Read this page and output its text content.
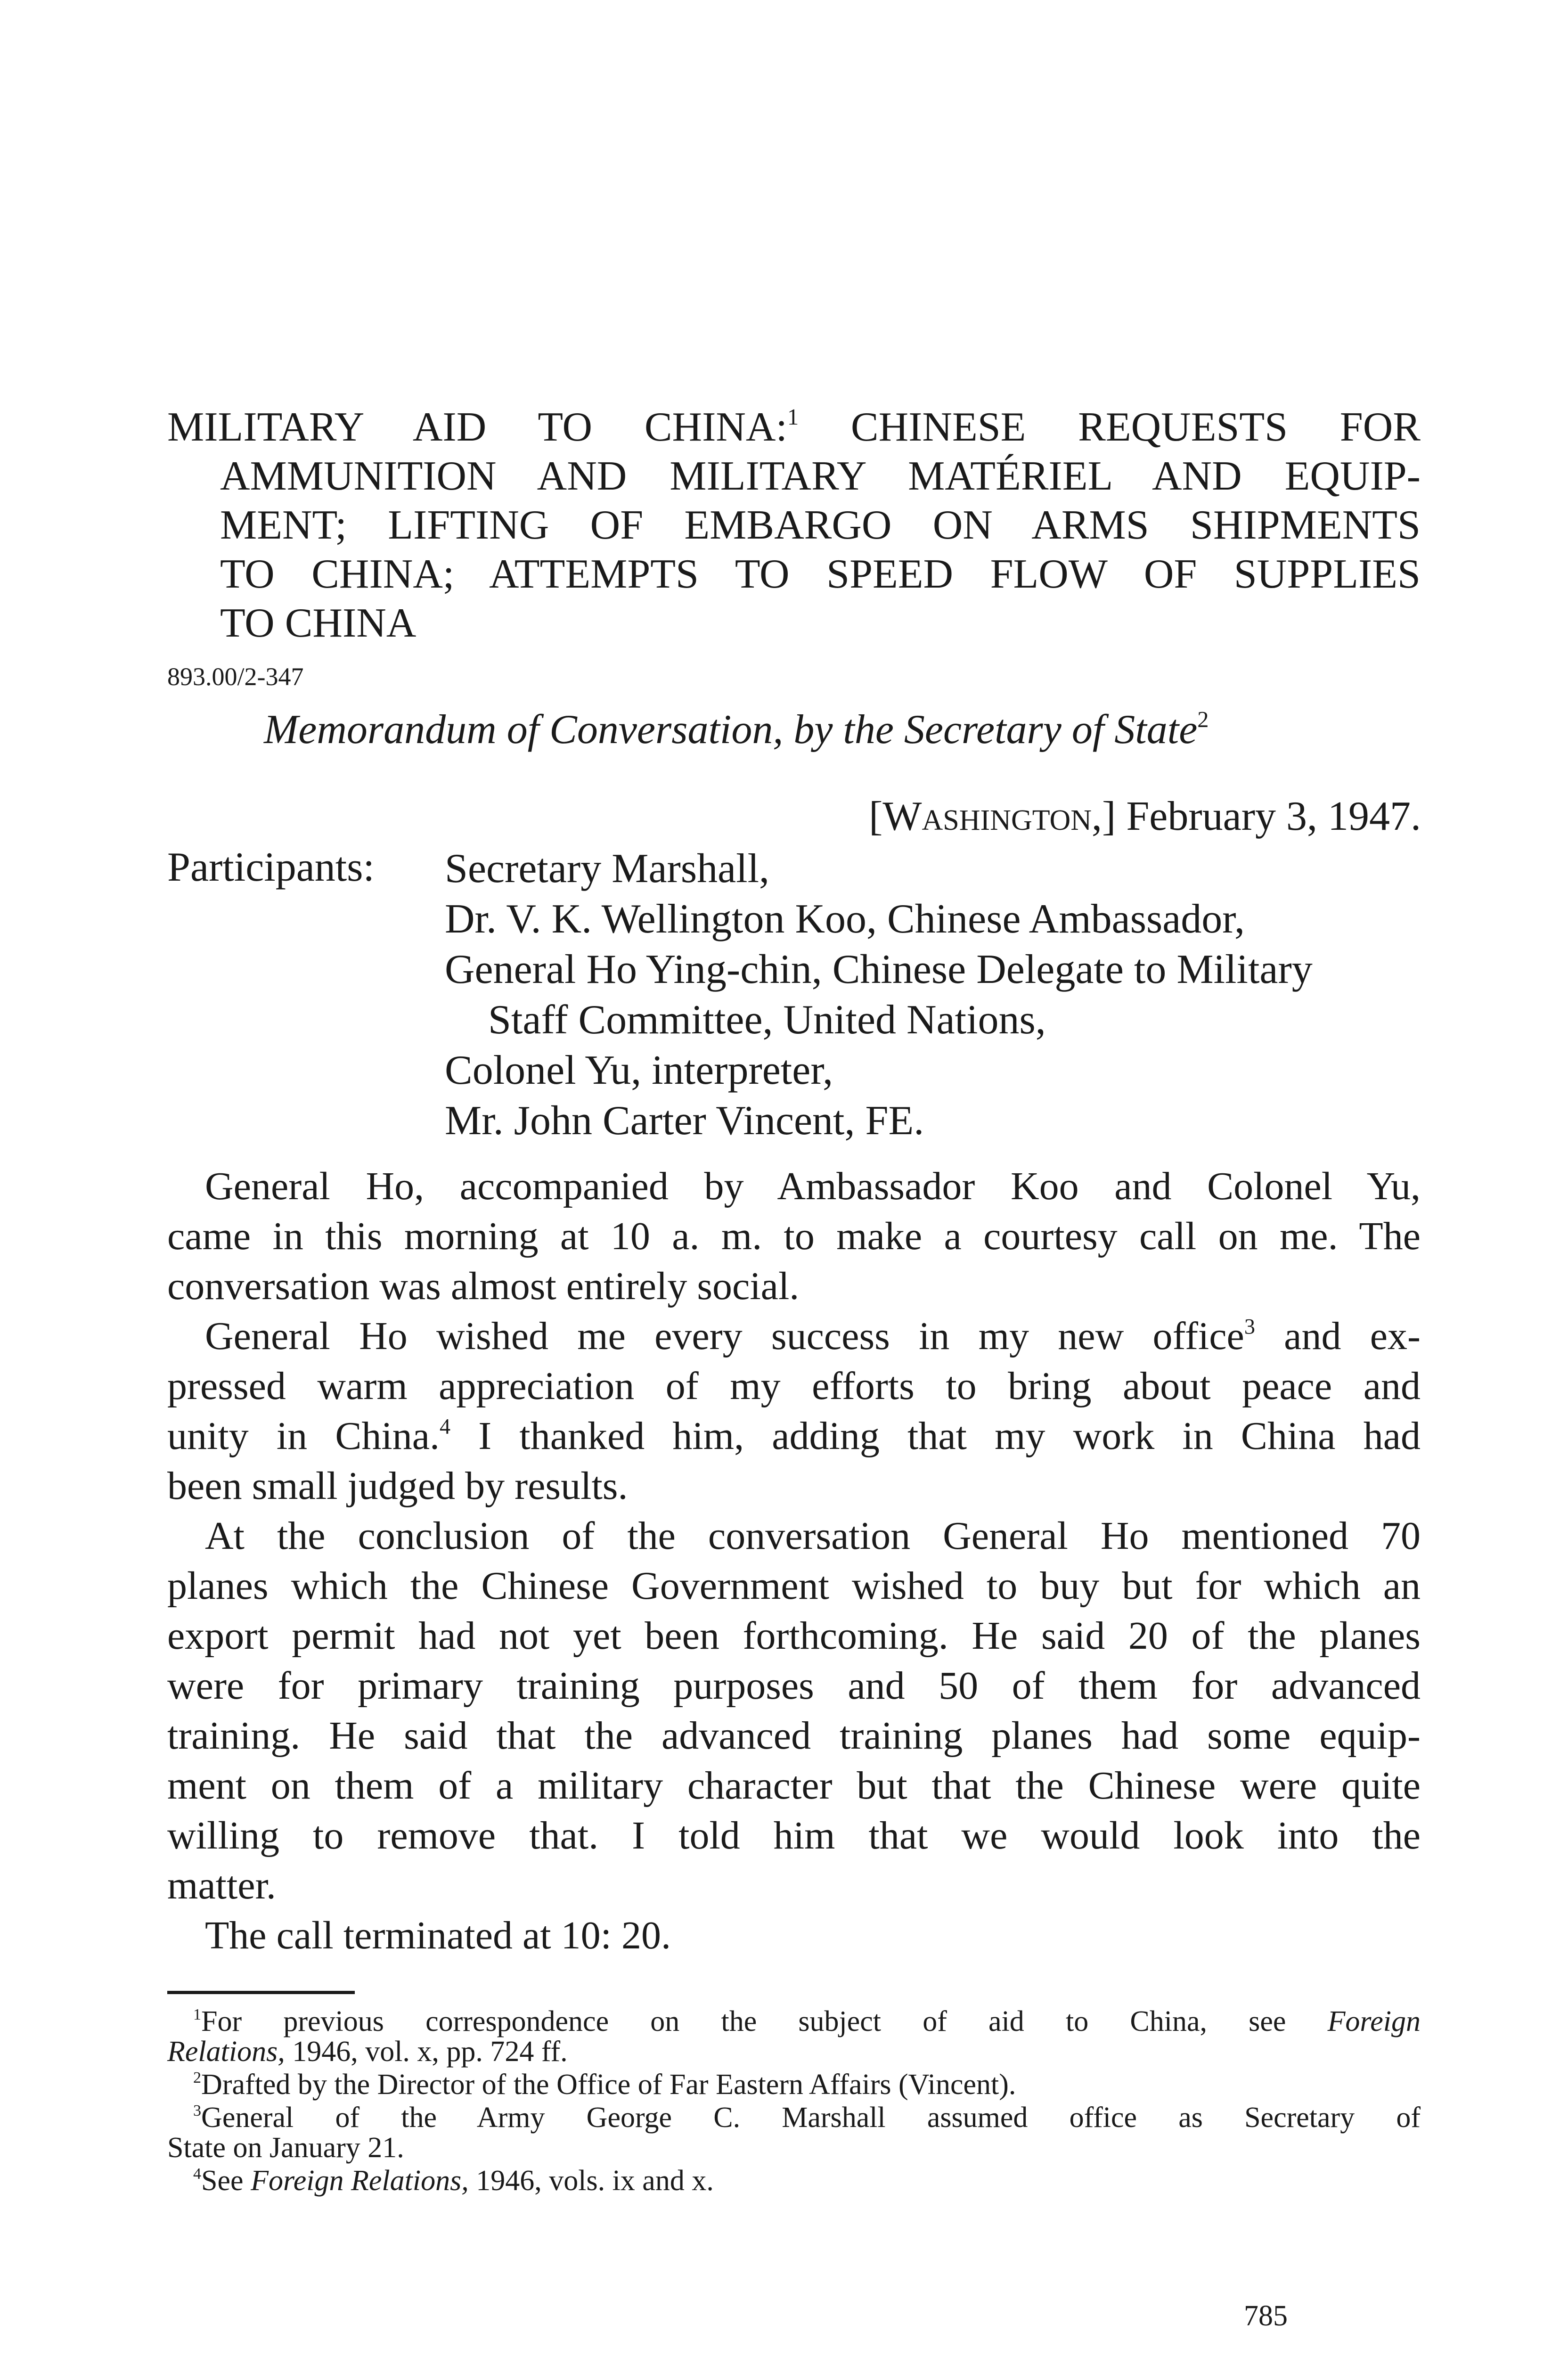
MILITARY AID TO CHINA:$^1$ CHINESE REQUESTS FOR
AMMUNITION AND MILITARY MATÉRIEL AND EQUIP-
MENT; LIFTING OF EMBARGO ON ARMS SHIPMENTS
TO CHINA; ATTEMPTS TO SPEED FLOW OF SUPPLIES
TO CHINA
893.00/2-347
Memorandum of Conversation, by the Secretary of State$^2$
[Washington,] February 3, 1947.
Participants: Secretary Marshall,
Dr. V. K. Wellington Koo, Chinese Ambassador,
General Ho Ying-chin, Chinese Delegate to Military
Staff Committee, United Nations,
Colonel Yu, interpreter,
Mr. John Carter Vincent, FE.
General Ho, accompanied by Ambassador Koo and Colonel Yu,
came in this morning at 10 a. m. to make a courtesy call on me. The
conversation was almost entirely social.
General Ho wished me every success in my new office$^3$ and ex-
pressed warm appreciation of my efforts to bring about peace and
unity in China.$^4$ I thanked him, adding that my work in China had
been small judged by results.
At the conclusion of the conversation General Ho mentioned 70
planes which the Chinese Government wished to buy but for which an
export permit had not yet been forthcoming. He said 20 of the planes
were for primary training purposes and 50 of them for advanced
training. He said that the advanced training planes had some equip-
ment on them of a military character but that the Chinese were quite
willing to remove that. I told him that we would look into the
matter.
The call terminated at 10: 20.
$^1$For previous correspondence on the subject of aid to China, see Foreign
Relations, 1946, vol. x, pp. 724 ff.
$^2$Drafted by the Director of the Office of Far Eastern Affairs (Vincent).
$^3$General of the Army George C. Marshall assumed office as Secretary of
State on January 21.
$^4$See Foreign Relations, 1946, vols. ix and x.
785
